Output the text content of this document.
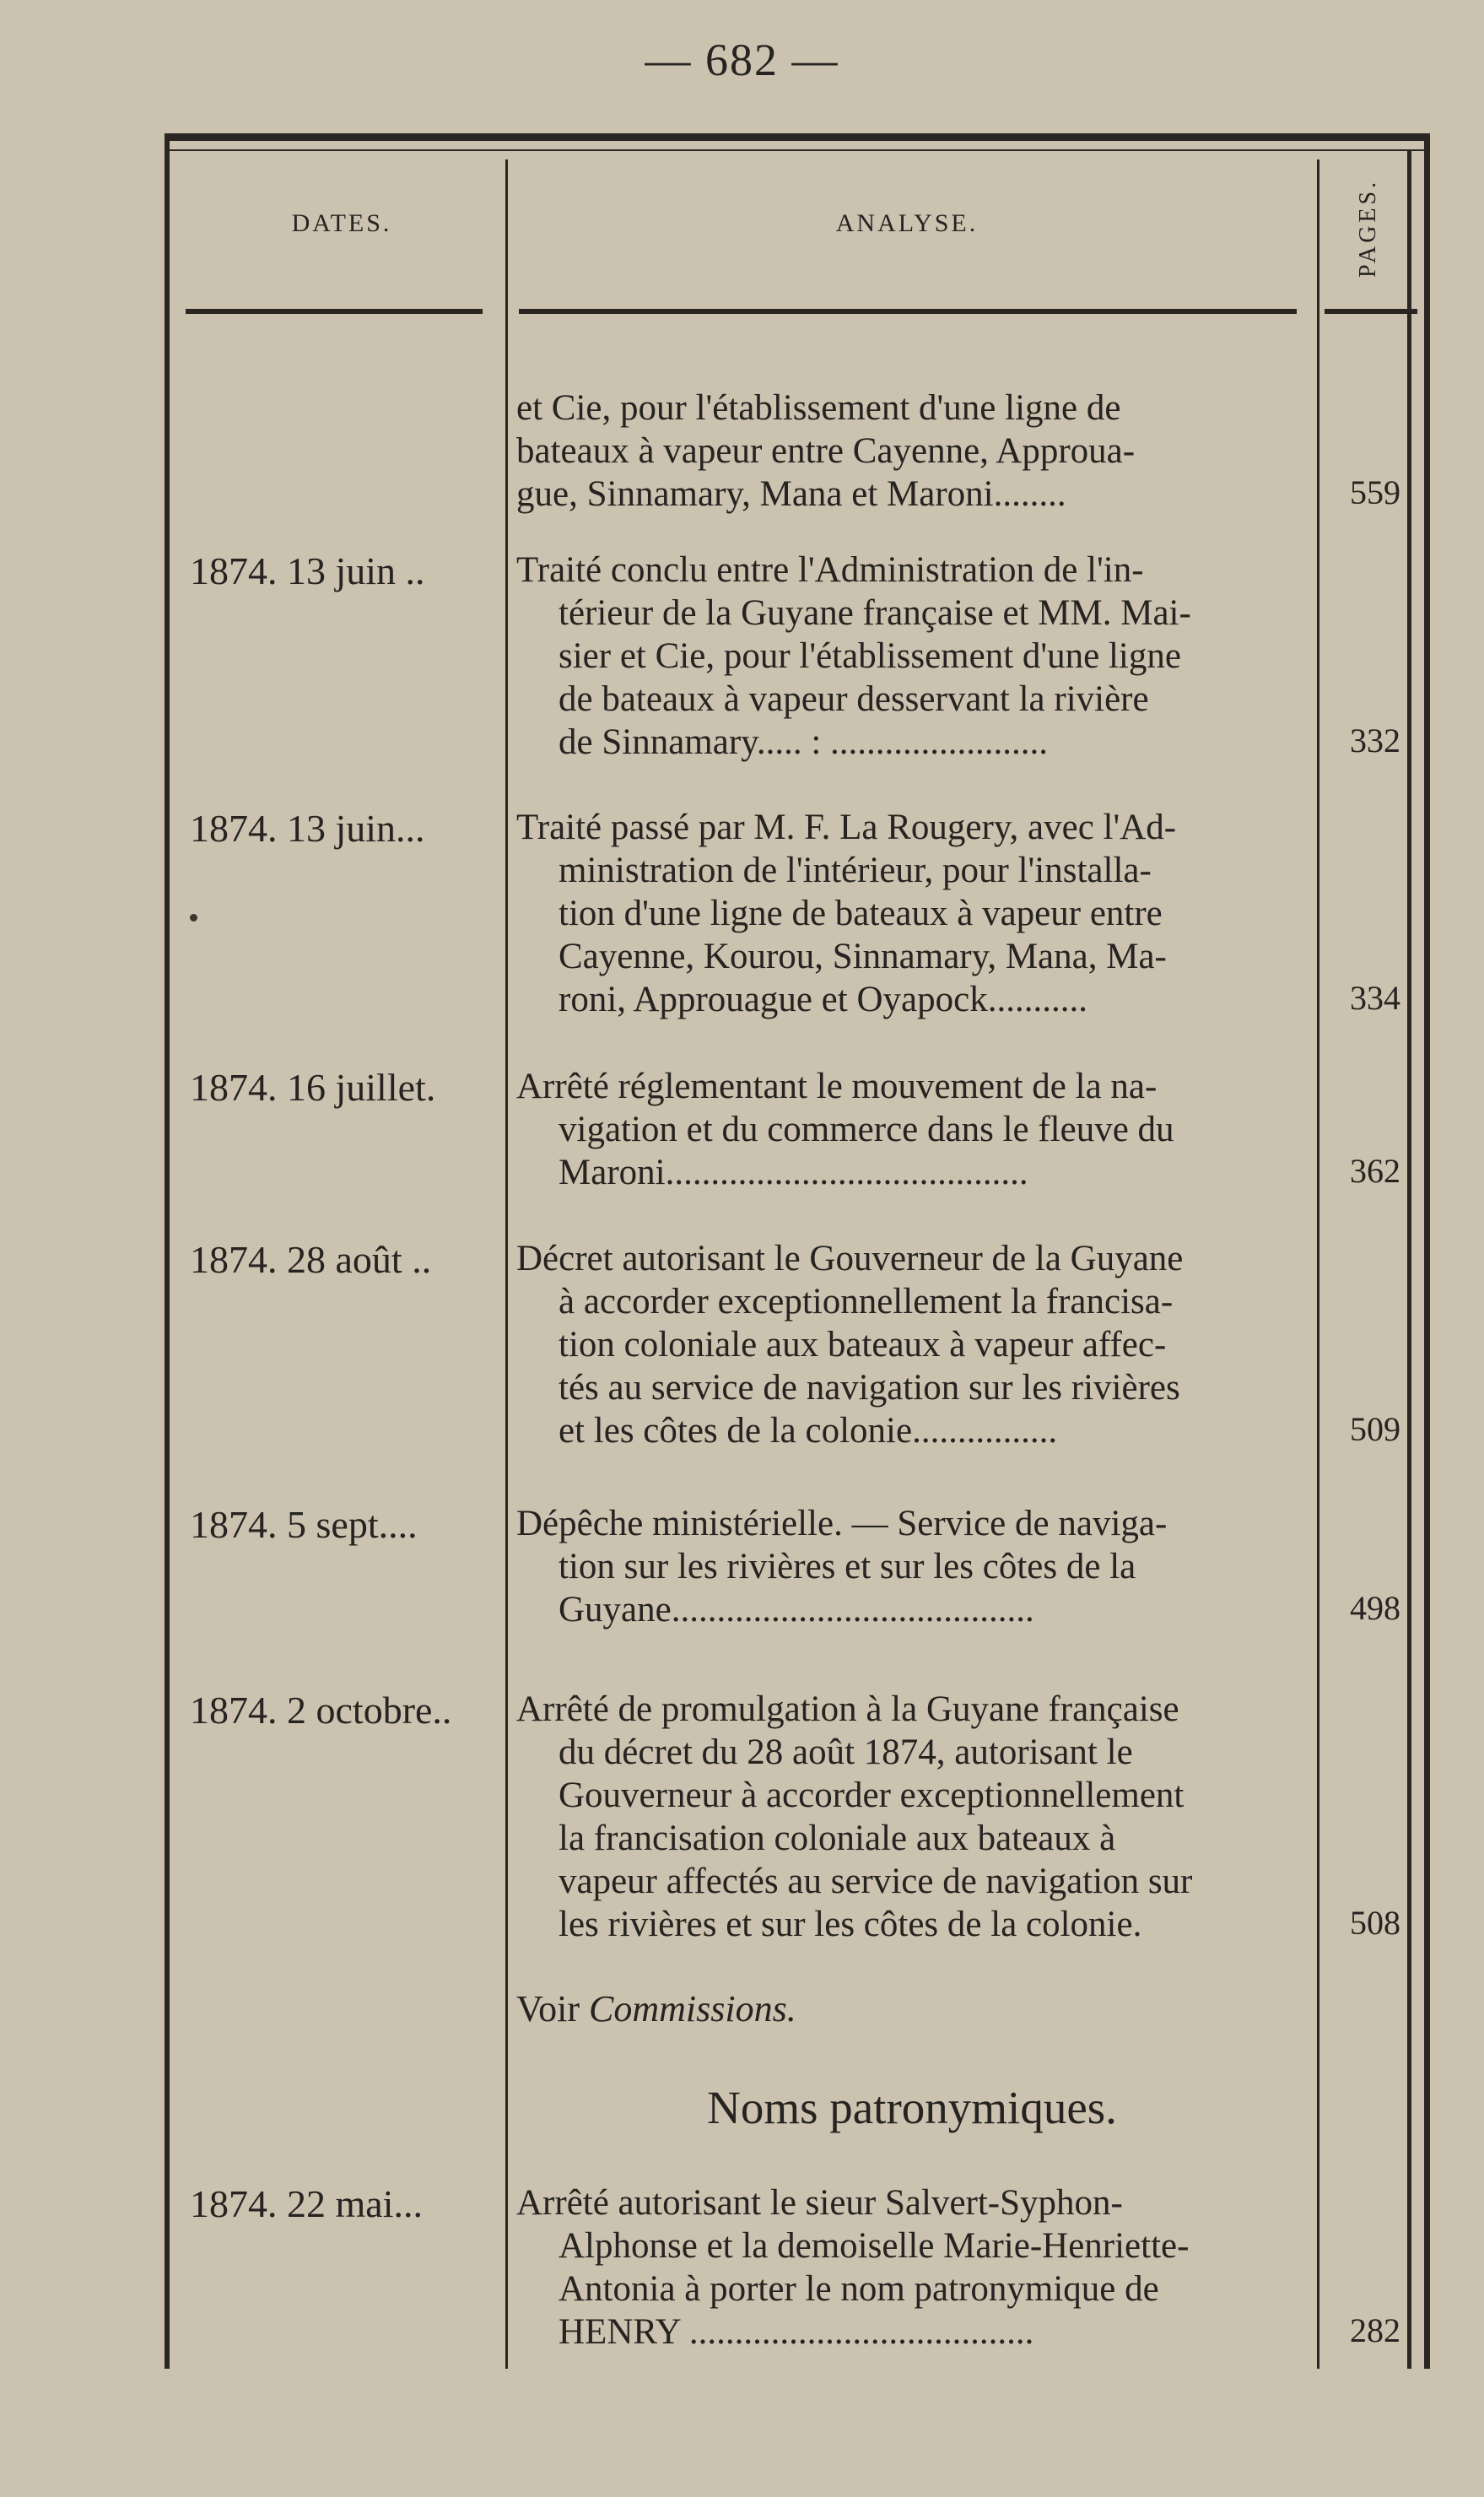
— 682 —
DATES.	ANALYSE.	PAGES.
et Cie, pour l'établissement d'une ligne de
bateaux à vapeur entre Cayenne, Approua-
gue, Sinnamary, Mana et Maroni........	559
1874. 13 juin ..	Traité conclu entre l'Administration de l'in-
térieur de la Guyane française et MM. Mai-
sier et Cie, pour l'établissement d'une ligne
de bateaux à vapeur desservant la rivière
de Sinnamary..... : ........................	332
1874. 13 juin...	Traité passé par M. F. La Rougery, avec l'Ad-
ministration de l'intérieur, pour l'installa-
tion d'une ligne de bateaux à vapeur entre
Cayenne, Kourou, Sinnamary, Mana, Ma-
roni, Approuague et Oyapock...........	334
1874. 16 juillet.	Arrêté réglementant le mouvement de la na-
vigation et du commerce dans le fleuve du
Maroni........................................	362
1874. 28 août ..	Décret autorisant le Gouverneur de la Guyane
à accorder exceptionnellement la francisa-
tion coloniale aux bateaux à vapeur affec-
tés au service de navigation sur les rivières
et les côtes de la colonie................	509
1874. 5 sept....	Dépêche ministérielle. — Service de naviga-
tion sur les rivières et sur les côtes de la
Guyane........................................	498
1874. 2 octobre..	Arrêté de promulgation à la Guyane française
du décret du 28 août 1874, autorisant le
Gouverneur à accorder exceptionnellement
la francisation coloniale aux bateaux à
vapeur affectés au service de navigation sur
les rivières et sur les côtes de la colonie.	508
Voir Commissions.
Noms patronymiques.
1874. 22 mai...	Arrêté autorisant le sieur Salvert-Syphon-
Alphonse et la demoiselle Marie-Henriette-
Antonia à porter le nom patronymique de
HENRY ......................................	282
